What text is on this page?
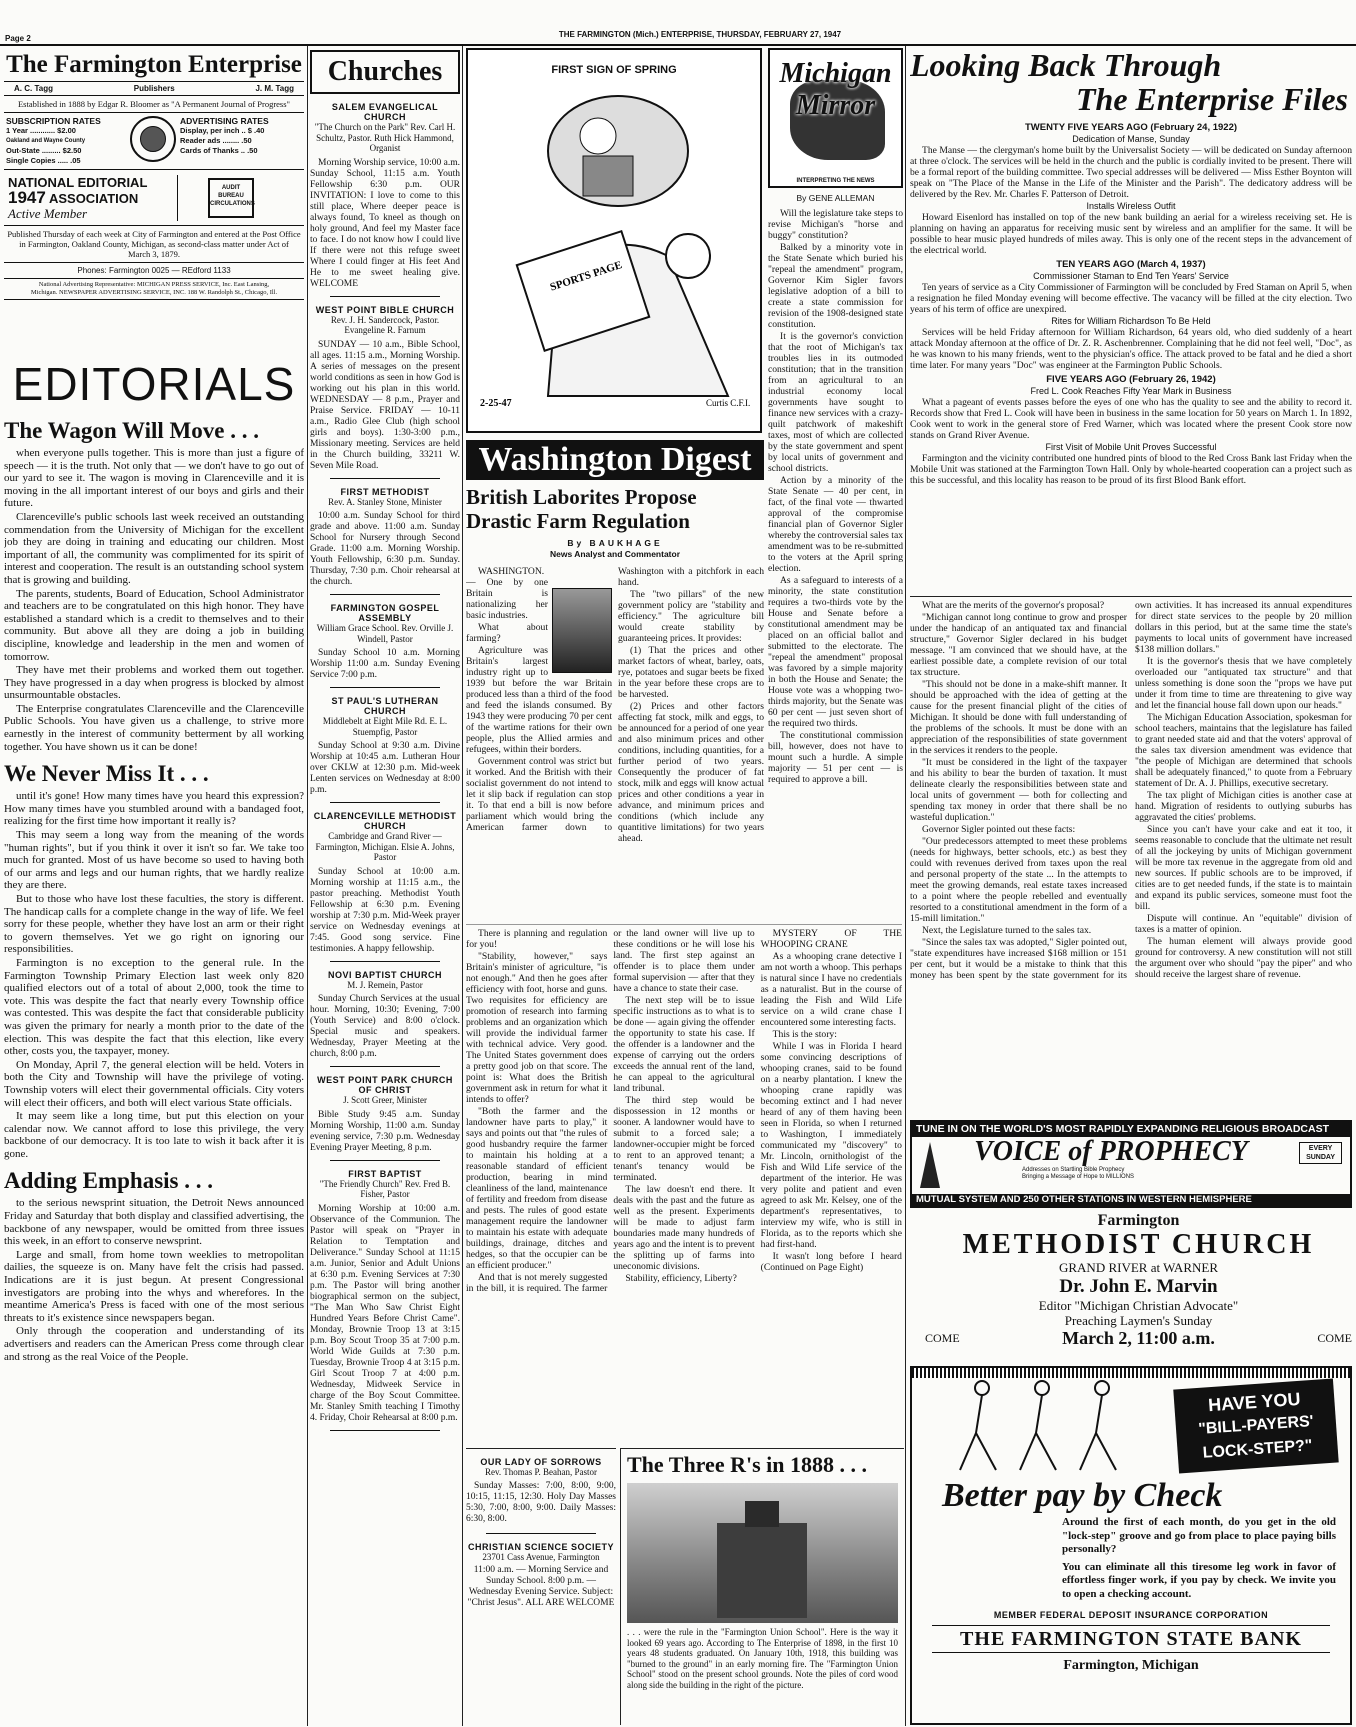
Page 2	THE FARMINGTON (Mich.) ENTERPRISE, THURSDAY, FEBRUARY 27, 1947
The Farmington Enterprise
A. C. Tagg	Publishers	J. M. Tagg
Established in 1888 by Edgar R. Bloomer as "A Permanent Journal of Progress"
SUBSCRIPTION RATES
1 Year ............ $2.00
Oakland and Wayne County
Out-State ......... $2.50
Single Copies ..... .05
ADVERTISING RATES
Display, per inch .. $ .40
Reader ads ........ .50
Cards of Thanks .. .50
NATIONAL EDITORIAL
1947 ASSOCIATION
Active Member
AUDIT
BUREAU
CIRCULATIONS
Published Thursday of each week at City of Farmington and entered at the Post Office in Farmington, Oakland County, Michigan, as second-class matter under Act of March 3, 1879.
Phones: Farmington 0025 — REdford 1133
National Advertising Representative: MICHIGAN PRESS SERVICE, Inc. East Lansing, Michigan. NEWSPAPER ADVERTISING SERVICE, INC. 188 W. Randolph St., Chicago, Ill.
EDITORIALS
The Wagon Will Move . . .

when everyone pulls together. This is more than just a figure of speech — it is the truth. Not only that — we don't have to go out of our yard to see it. The wagon is moving in Clarenceville and it is moving in the all important interest of our boys and girls and their future.

Clarenceville's public schools last week received an outstanding commendation from the University of Michigan for the excellent job they are doing in training and educating our children. Most important of all, the community was complimented for its spirit of interest and cooperation. The result is an outstanding school system that is growing and building.

The parents, students, Board of Education, School Administrator and teachers are to be congratulated on this high honor. They have established a standard which is a credit to themselves and to their community. But above all they are doing a job in building discipline, knowledge and leadership in the men and women of tomorrow.

They have met their problems and worked them out together. They have progressed in a day when progress is blocked by almost unsurmountable obstacles.

The Enterprise congratulates Clarenceville and the Clarenceville Public Schools. You have given us a challenge, to strive more earnestly in the interest of community betterment by all working together. You have shown us it can be done!

We Never Miss It . . .

until it's gone! How many times have you heard this expression? How many times have you stumbled around with a bandaged foot, realizing for the first time how important it really is?

This may seem a long way from the meaning of the words "human rights", but if you think it over it isn't so far. We take too much for granted. Most of us have become so used to having both of our arms and legs and our human rights, that we hardly realize they are there.

But to those who have lost these faculties, the story is different. The handicap calls for a complete change in the way of life. We feel sorry for these people, whether they have lost an arm or their right to govern themselves. Yet we go right on ignoring our responsibilities.

Farmington is no exception to the general rule. In the Farmington Township Primary Election last week only 820 qualified electors out of a total of about 2,000, took the time to vote. This was despite the fact that nearly every Township office was contested. This was despite the fact that considerable publicity was given the primary for nearly a month prior to the date of the election. This was despite the fact that this election, like every other, costs you, the taxpayer, money.

On Monday, April 7, the general election will be held. Voters in both the City and Township will have the privilege of voting. Township voters will elect their governmental officials. City voters will elect their officers, and both will elect various State officials.

It may seem like a long time, but put this election on your calendar now. We cannot afford to lose this privilege, the very backbone of our democracy. It is too late to wish it back after it is gone.

Adding Emphasis . . .

to the serious newsprint situation, the Detroit News announced Friday and Saturday that both display and classified advertising, the backbone of any newspaper, would be omitted from three issues this week, in an effort to conserve newsprint.

Large and small, from home town weeklies to metropolitan dailies, the squeeze is on. Many have felt the crisis had passed. Indications are it is just begun. At present Congressional investigators are probing into the whys and wherefores. In the meantime America's Press is faced with one of the most serious threats to it's existence since newspapers began.

Only through the cooperation and understanding of its advertisers and readers can the American Press come through clear and strong as the real Voice of the People.

Churches
SALEM EVANGELICAL CHURCH
"The Church on the Park" Rev. Carl H. Schultz, Pastor. Ruth Hick Hammond, Organist

Morning Worship service, 10:00 a.m. Sunday School, 11:15 a.m. Youth Fellowship 6:30 p.m. OUR INVITATION: I love to come to this still place, Where deeper peace is always found, To kneel as though on holy ground, And feel my Master face to face. I do not know how I could live If there were not this refuge sweet Where I could finger at His feet And He to me sweet healing give. WELCOME

WEST POINT BIBLE CHURCH
Rev. J. H. Sandercock, Pastor. Evangeline R. Farnum

SUNDAY — 10 a.m., Bible School, all ages. 11:15 a.m., Morning Worship. A series of messages on the present world conditions as seen in how God is working out his plan in this world. WEDNESDAY — 8 p.m., Prayer and Praise Service. FRIDAY — 10-11 a.m., Radio Glee Club (high school girls and boys). 1:30-3:00 p.m., Missionary meeting. Services are held in the Church building, 33211 W. Seven Mile Road.

FIRST METHODIST
Rev. A. Stanley Stone, Minister

10:00 a.m. Sunday School for third grade and above. 11:00 a.m. Sunday School for Nursery through Second Grade. 11:00 a.m. Morning Worship. Youth Fellowship, 6:30 p.m. Sunday. Thursday, 7:30 p.m. Choir rehearsal at the church.

FARMINGTON GOSPEL ASSEMBLY
William Grace School. Rev. Orville J. Windell, Pastor

Sunday School 10 a.m. Morning Worship 11:00 a.m. Sunday Evening Service 7:00 p.m.

ST PAUL'S LUTHERAN CHURCH
Middlebelt at Eight Mile Rd. E. L. Stuempfig, Pastor

Sunday School at 9:30 a.m. Divine Worship at 10:45 a.m. Lutheran Hour over CKLW at 12:30 p.m. Mid-week Lenten services on Wednesday at 8:00 p.m.

CLARENCEVILLE METHODIST CHURCH
Cambridge and Grand River — Farmington, Michigan. Elsie A. Johns, Pastor

Sunday School at 10:00 a.m. Morning worship at 11:15 a.m., the pastor preaching. Methodist Youth Fellowship at 6:30 p.m. Evening worship at 7:30 p.m. Mid-Week prayer service on Wednesday evenings at 7:45. Good song service. Fine testimonies. A happy fellowship.

NOVI BAPTIST CHURCH
M. J. Remein, Pastor

Sunday Church Services at the usual hour. Morning, 10:30; Evening, 7:00 (Youth Service) and 8:00 o'clock. Special music and speakers. Wednesday, Prayer Meeting at the church, 8:00 p.m.

WEST POINT PARK CHURCH OF CHRIST
J. Scott Greer, Minister

Bible Study 9:45 a.m. Sunday Morning Worship, 11:00 a.m. Sunday evening service, 7:30 p.m. Wednesday Evening Prayer Meeting, 8 p.m.

FIRST BAPTIST
"The Friendly Church" Rev. Fred B. Fisher, Pastor

Morning Worship at 10:00 a.m. Observance of the Communion. The Pastor will speak on "Prayer in Relation to Temptation and Deliverance." Sunday School at 11:15 a.m. Junior, Senior and Adult Unions at 6:30 p.m. Evening Services at 7:30 p.m. The Pastor will bring another biographical sermon on the subject, "The Man Who Saw Christ Eight Hundred Years Before Christ Came". Monday, Brownie Troop 13 at 3:15 p.m. Boy Scout Troop 35 at 7:00 p.m. World Wide Guilds at 7:30 p.m. Tuesday, Brownie Troop 4 at 3:15 p.m. Girl Scout Troop 7 at 4:00 p.m. Wednesday, Midweek Service in charge of the Boy Scout Committee. Mr. Stanley Smith teaching I Timothy 4. Friday, Choir Rehearsal at 8:00 p.m.

FIRST SIGN OF SPRING
SPORTS PAGE
2-25-47	Curtis C.F.I.
Michigan Mirror
INTERPRETING THE NEWS
By GENE ALLEMAN

Will the legislature take steps to revise Michigan's "horse and buggy" constitution?

Balked by a minority vote in the State Senate which buried his "repeal the amendment" program, Governor Kim Sigler favors legislative adoption of a bill to create a state commission for revision of the 1908-designed state constitution.

It is the governor's conviction that the root of Michigan's tax troubles lies in its outmoded constitution; that in the transition from an agricultural to an industrial economy local governments have sought to finance new services with a crazy-quilt patchwork of makeshift taxes, most of which are collected by the state government and spent by local units of government and school districts.

Action by a minority of the State Senate — 40 per cent, in fact, of the final vote — thwarted approval of the compromise financial plan of Governor Sigler whereby the controversial sales tax amendment was to be re-submitted to the voters at the April spring election.

As a safeguard to interests of a minority, the state constitution requires a two-thirds vote by the House and Senate before a constitutional amendment may be placed on an official ballot and submitted to the electorate. The "repeal the amendment" proposal was favored by a simple majority in both the House and Senate; the House vote was a whopping two-thirds majority, but the Senate was 60 per cent — just seven short of the required two thirds.

The constitutional commission bill, however, does not have to mount such a hurdle. A simple majority — 51 per cent — is required to approve a bill.

Washington Digest
British Laborites Propose Drastic Farm Regulation
By BAUKHAGE
News Analyst and Commentator

WASHINGTON. — One by one Britain is nationalizing her basic industries.

What about farming?

Agriculture was Britain's largest industry right up to 1939 but before the war Britain produced less than a third of the food and feed the islands consumed. By 1943 they were producing 70 per cent of the wartime rations for their own people, plus the Allied armies and refugees, within their borders.

Government control was strict but it worked. And the British with their socialist government do not intend to let it slip back if regulation can stop it. To that end a bill is now before parliament which would bring the American farmer down to Washington with a pitchfork in each hand.

The "two pillars" of the new government policy are "stability and efficiency." The agriculture bill would create stability by guaranteeing prices. It provides:

(1) That the prices and other market factors of wheat, barley, oats, rye, potatoes and sugar beets be fixed in the year before these crops are to be harvested.

(2) Prices and other factors affecting fat stock, milk and eggs, to be announced for a period of one year and also minimum prices and other conditions, including quantities, for a further period of two years. Consequently the producer of fat stock, milk and eggs will know actual prices and other conditions a year in advance, and minimum prices and conditions (which include any quantitive limitations) for two years ahead.

There is planning and regulation for you!

"Stability, however," says Britain's minister of agriculture, "is not enough." And then he goes after efficiency with foot, horse and guns. Two requisites for efficiency are promotion of research into farming problems and an organization which will provide the individual farmer with technical advice. Very good. The United States government does a pretty good job on that score. The point is: What does the British government ask in return for what it intends to offer?

"Both the farmer and the landowner have parts to play," it says and points out that "the rules of good husbandry require the farmer to maintain his holding at a reasonable standard of efficient production, bearing in mind cleanliness of the land, maintenance of fertility and freedom from disease and pests. The rules of good estate management require the landowner to maintain his estate with adequate buildings, drainage, ditches and hedges, so that the occupier can be an efficient producer."

And that is not merely suggested in the bill, it is required. The farmer or the land owner will live up to these conditions or he will lose his land. The first step against an offender is to place them under formal supervision — after that they have a chance to state their case.

The next step will be to issue specific instructions as to what is to be done — again giving the offender the opportunity to state his case. If the offender is a landowner and the expense of carrying out the orders exceeds the annual rent of the land, he can appeal to the agricultural land tribunal.

The third step would be dispossession in 12 months or sooner. A landowner would have to submit to a forced sale; a landowner-occupier might be forced to rent to an approved tenant; a tenant's tenancy would be terminated.

The law doesn't end there. It deals with the past and the future as well as the present. Experiments will be made to adjust farm boundaries made many hundreds of years ago and the intent is to prevent the splitting up of farms into uneconomic divisions.

Stability, efficiency, Liberty?

MYSTERY OF THE WHOOPING CRANE

As a whooping crane detective I am not worth a whoop. This perhaps is natural since I have no credentials as a naturalist. But in the course of leading the Fish and Wild Life service on a wild crane chase I encountered some interesting facts.

This is the story:

While I was in Florida I heard some convincing descriptions of whooping cranes, said to be found on a nearby plantation. I knew the whooping crane rapidly was becoming extinct and I had never heard of any of them having been seen in Florida, so when I returned to Washington, I immediately communicated my "discovery" to Mr. Lincoln, ornithologist of the Fish and Wild Life service of the department of the interior. He was very polite and patient and even agreed to ask Mr. Kelsey, one of the department's representatives, to interview my wife, who is still in Florida, as to the reports which she had first-hand.

It wasn't long before I heard (Continued on Page Eight)

OUR LADY OF SORROWS
Rev. Thomas P. Beahan, Pastor

Sunday Masses: 7:00, 8:00, 9:00, 10:15, 11:15, 12:30. Holy Day Masses 5:30, 7:00, 8:00, 9:00. Daily Masses: 6:30, 8:00.

CHRISTIAN SCIENCE SOCIETY
23701 Cass Avenue, Farmington

11:00 a.m. — Morning Service and Sunday School. 8:00 p.m. — Wednesday Evening Service. Subject: "Christ Jesus". ALL ARE WELCOME

The Three R's in 1888 . . .
. . . were the rule in the "Farmington Union School". Here is the way it looked 69 years ago. According to The Enterprise of 1898, in the first 10 years 48 students graduated. On January 10th, 1918, this building was "burned to the ground" in an early morning fire. The "Farmington Union School" stood on the present school grounds. Note the piles of cord wood along side the building in the right of the picture.
Looking Back Through
The Enterprise Files
TWENTY FIVE YEARS AGO (February 24, 1922)
Dedication of Manse, Sunday

The Manse — the clergyman's home built by the Universalist Society — will be dedicated on Sunday afternoon at three o'clock. The services will be held in the church and the public is cordially invited to be present. There will be a formal report of the building committee. Two special addresses will be delivered — Miss Esther Boynton will speak on "The Place of the Manse in the Life of the Minister and the Parish". The dedicatory address will be delivered by the Rev. Mr. Charles F. Patterson of Detroit.

Installs Wireless Outfit

Howard Eisenlord has installed on top of the new bank building an aerial for a wireless receiving set. He is planning on having an apparatus for receiving music sent by wireless and an amplifier for the same. It will be possible to hear music played hundreds of miles away. This is only one of the recent steps in the advancement of the electrical world.

TEN YEARS AGO (March 4, 1937)
Commissioner Staman to End Ten Years' Service

Ten years of service as a City Commissioner of Farmington will be concluded by Fred Staman on April 5, when a resignation he filed Monday evening will become effective. The vacancy will be filled at the city election. Two years of his term of office are unexpired.

Rites for William Richardson To Be Held

Services will be held Friday afternoon for William Richardson, 64 years old, who died suddenly of a heart attack Monday afternoon at the office of Dr. Z. R. Aschenbrenner. Complaining that he did not feel well, "Doc", as he was known to his many friends, went to the physician's office. The attack proved to be fatal and he died a short time later. For many years "Doc" was engineer at the Farmington Public Schools.

FIVE YEARS AGO (February 26, 1942)
Fred L. Cook Reaches Fifty Year Mark in Business

What a pageant of events passes before the eyes of one who has the quality to see and the ability to record it. Records show that Fred L. Cook will have been in business in the same location for 50 years on March 1. In 1892, Cook went to work in the general store of Fred Warner, which was located where the present Cook store now stands on Grand River Avenue.

First Visit of Mobile Unit Proves Successful

Farmington and the vicinity contributed one hundred pints of blood to the Red Cross Bank last Friday when the Mobile Unit was stationed at the Farmington Town Hall. Only by whole-hearted cooperation can a project such as this be successful, and this locality has reason to be proud of its first Blood Bank effort.

What are the merits of the governor's proposal?

"Michigan cannot long continue to grow and prosper under the handicap of an antiquated tax and financial structure," Governor Sigler declared in his budget message. "I am convinced that we should have, at the earliest possible date, a complete revision of our total tax structure.

"This should not be done in a make-shift manner. It should be approached with the idea of getting at the cause for the present financial plight of the cities of Michigan. It should be done with full understanding of the problems of the schools. It must be done with an appreciation of the responsibilities of state government in the services it renders to the people.

"It must be considered in the light of the taxpayer and his ability to bear the burden of taxation. It must delineate clearly the responsibilities between state and local units of government — both for collecting and spending tax money in order that there shall be no wasteful duplication."

Governor Sigler pointed out these facts:

"Our predecessors attempted to meet these problems (needs for highways, better schools, etc.) as best they could with revenues derived from taxes upon the real and personal property of the state ... In the attempts to meet the growing demands, real estate taxes increased to a point where the people rebelled and eventually resorted to a constitutional amendment in the form of a 15-mill limitation."

Next, the Legislature turned to the sales tax.

"Since the sales tax was adopted," Sigler pointed out, "state expenditures have increased $168 million or 151 per cent, but it would be a mistake to think that this money has been spent by the state government for its own activities. It has increased its annual expenditures for direct state services to the people by 20 million dollars in this period, but at the same time the state's payments to local units of government have increased $138 million dollars."

It is the governor's thesis that we have completely overloaded our "antiquated tax structure" and that unless something is done soon the "props we have put under it from time to time are threatening to give way and let the financial house fall down upon our heads."

The Michigan Education Association, spokesman for school teachers, maintains that the legislature has failed to grant needed state aid and that the voters' approval of the sales tax diversion amendment was evidence that "the people of Michigan are determined that schools shall be adequately financed," to quote from a February statement of Dr. A. J. Phillips, executive secretary.

The tax plight of Michigan cities is another case at hand. Migration of residents to outlying suburbs has aggravated the cities' problems.

Since you can't have your cake and eat it too, it seems reasonable to conclude that the ultimate net result of all the jockeying by units of Michigan government will be more tax revenue in the aggregate from old and new sources. If public schools are to be improved, if cities are to get needed funds, if the state is to maintain and expand its public services, someone must foot the bill.

Dispute will continue. An "equitable" division of taxes is a matter of opinion.

The human element will always provide good ground for controversy. A new constitution will not still the argument over who should "pay the piper" and who should receive the largest share of revenue.

TUNE IN ON THE WORLD'S MOST RAPIDLY EXPANDING RELIGIOUS BROADCAST
VOICE of PROPHECY
Addresses on Startling Bible Prophecy
Bringing a Message of Hope to MILLIONS
EVERY
SUNDAY
MUTUAL SYSTEM AND 250 OTHER STATIONS IN WESTERN HEMISPHERE
Farmington
METHODIST CHURCH
GRAND RIVER at WARNER
Dr. John E. Marvin
Editor "Michigan Christian Advocate"
Preaching Laymen's Sunday
COME	March 2, 11:00 a.m.	COME
HAVE YOU
"BILL-PAYERS'
LOCK-STEP?"
Better pay by Check

Around the first of each month, do you get in the old "lock-step" groove and go from place to place paying bills personally?

You can eliminate all this tiresome leg work in favor of effortless finger work, if you pay by check. We invite you to open a checking account.

MEMBER FEDERAL DEPOSIT INSURANCE CORPORATION
THE FARMINGTON STATE BANK
Farmington, Michigan
